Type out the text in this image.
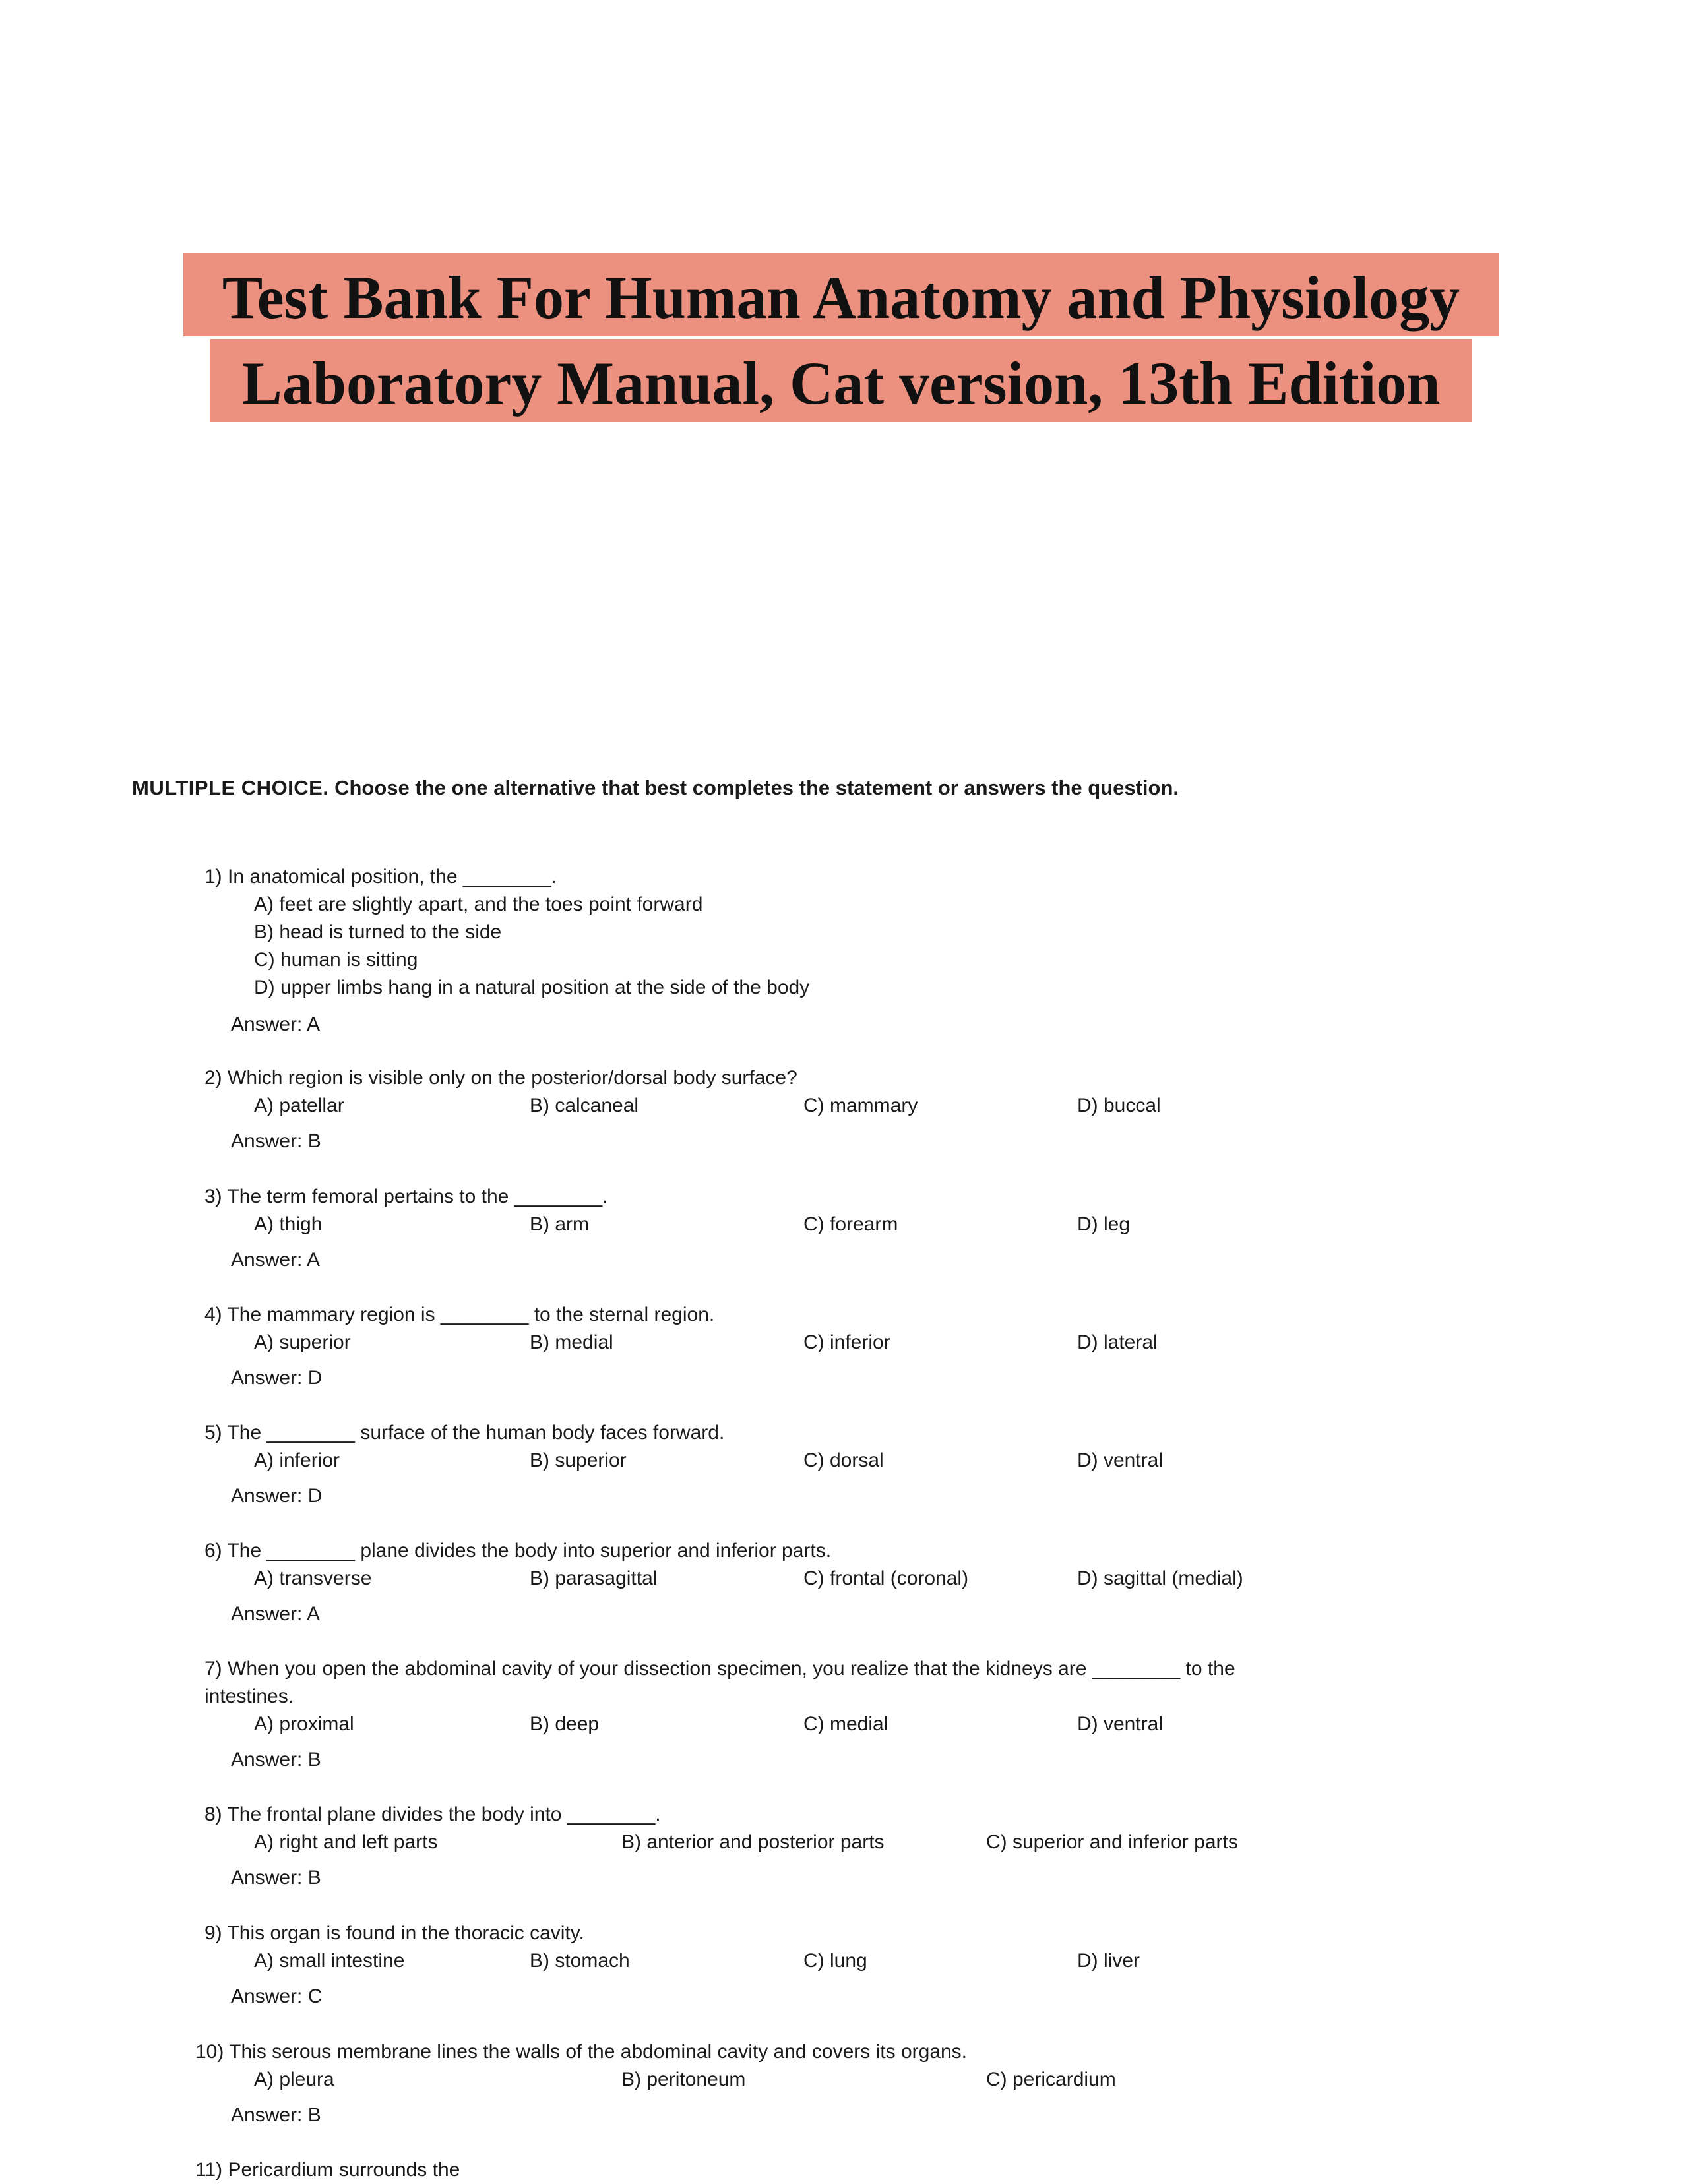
Test Bank For Human Anatomy and Physiology
Laboratory Manual, Cat version, 13th Edition
MULTIPLE CHOICE. Choose the one alternative that best completes the statement or answers the question.
1) In anatomical position, the ________.
A) feet are slightly apart, and the toes point forward
B) head is turned to the side
C) human is sitting
D) upper limbs hang in a natural position at the side of the body
Answer: A
2) Which region is visible only on the posterior/dorsal body surface?
A) patellar	B) calcaneal	C) mammary	D) buccal
Answer: B
3) The term femoral pertains to the ________.
A) thigh	B) arm	C) forearm	D) leg
Answer: A
4) The mammary region is ________ to the sternal region.
A) superior	B) medial	C) inferior	D) lateral
Answer: D
5) The ________ surface of the human body faces forward.
A) inferior	B) superior	C) dorsal	D) ventral
Answer: D
6) The ________ plane divides the body into superior and inferior parts.
A) transverse	B) parasagittal	C) frontal (coronal)	D) sagittal (medial)
Answer: A
7) When you open the abdominal cavity of your dissection specimen, you realize that the kidneys are ________ to the intestines.
A) proximal	B) deep	C) medial	D) ventral
Answer: B
8) The frontal plane divides the body into ________.
A) right and left parts	B) anterior and posterior parts	C) superior and inferior parts
Answer: B
9) This organ is found in the thoracic cavity.
A) small intestine	B) stomach	C) lung	D) liver
Answer: C
10) This serous membrane lines the walls of the abdominal cavity and covers its organs.
A) pleura	B) peritoneum	C) pericardium
Answer: B
11) Pericardium surrounds the
